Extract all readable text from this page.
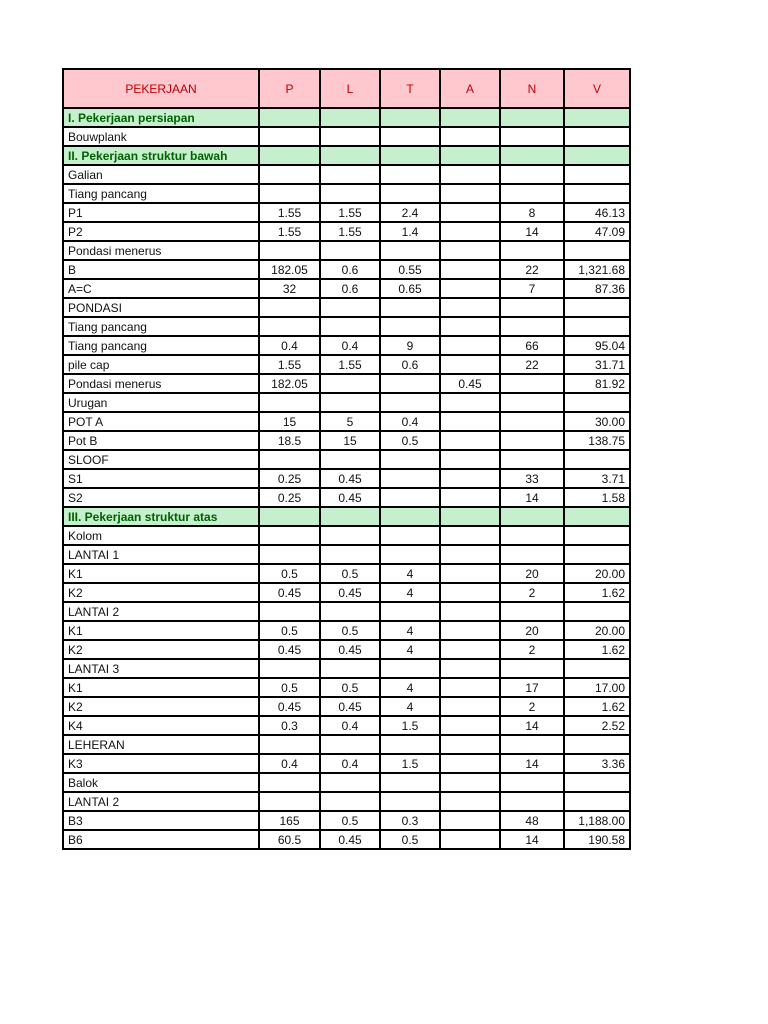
PEKERJAAN	P	L	T	A	N	V
I. Pekerjaan persiapan						
Bouwplank						
II. Pekerjaan struktur bawah						
Galian						
Tiang pancang						
P1	1.55	1.55	2.4		8	46.13
P2	1.55	1.55	1.4		14	47.09
Pondasi menerus						
B	182.05	0.6	0.55		22	1,321.68
A=C	32	0.6	0.65		7	87.36
PONDASI						
Tiang pancang						
Tiang pancang	0.4	0.4	9		66	95.04
pile cap	1.55	1.55	0.6		22	31.71
Pondasi menerus	182.05			0.45		81.92
Urugan						
POT A	15	5	0.4			30.00
Pot B	18.5	15	0.5			138.75
SLOOF						
S1	0.25	0.45			33	3.71
S2	0.25	0.45			14	1.58
III. Pekerjaan struktur atas						
Kolom						
LANTAI 1						
K1	0.5	0.5	4		20	20.00
K2	0.45	0.45	4		2	1.62
LANTAI 2						
K1	0.5	0.5	4		20	20.00
K2	0.45	0.45	4		2	1.62
LANTAI 3						
K1	0.5	0.5	4		17	17.00
K2	0.45	0.45	4		2	1.62
K4	0.3	0.4	1.5		14	2.52
LEHERAN						
K3	0.4	0.4	1.5		14	3.36
Balok						
LANTAI 2						
B3	165	0.5	0.3		48	1,188.00
B6	60.5	0.45	0.5		14	190.58
